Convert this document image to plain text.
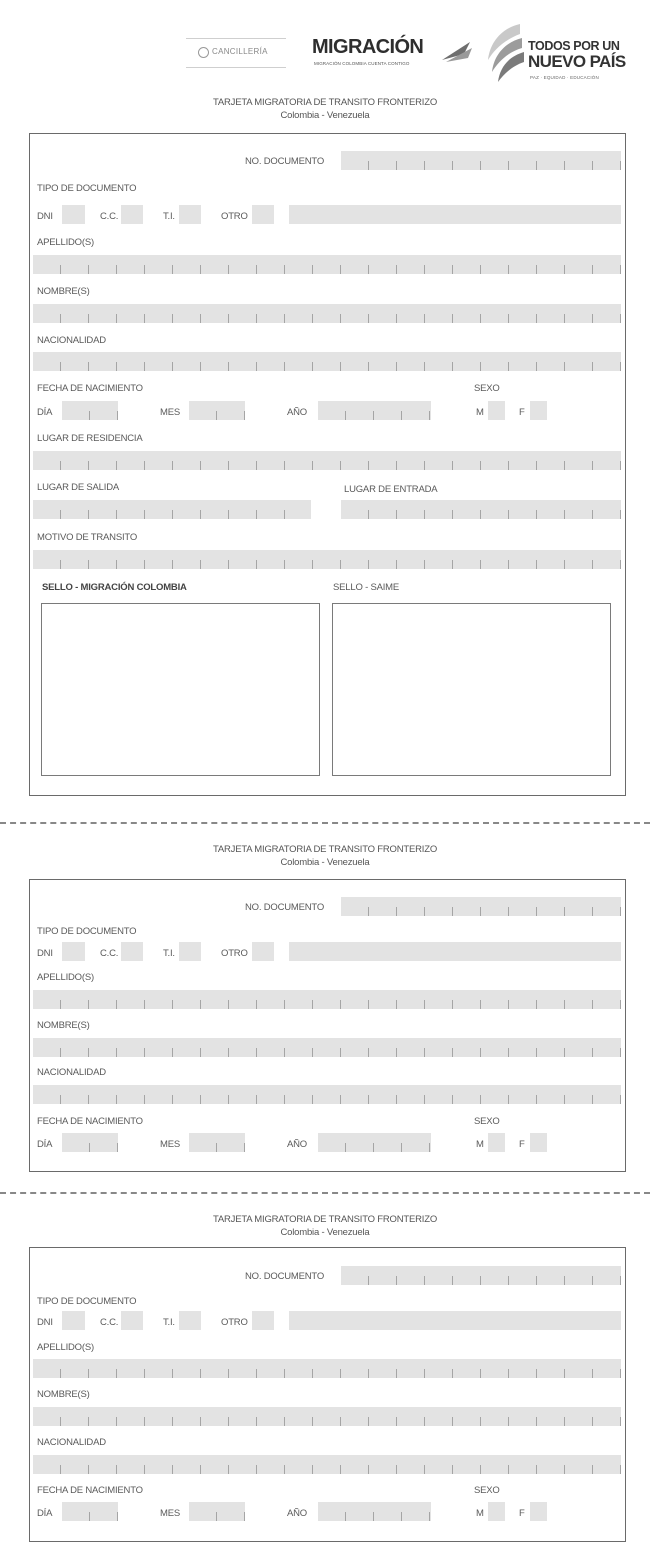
CANCILLERÍA MIGRACIÓN
MIGRACIÓN COLOMBIA CUENTA CONTIGO
TODOS POR UN
NUEVO PAÍS
PAZ · EQUIDAD · EDUCACIÓN
TARJETA MIGRATORIA DE TRANSITO FRONTERIZO
Colombia - Venezuela
NO. DOCUMENTO
TIPO DE DOCUMENTO
DNI	C.C.	T.I.	OTRO
APELLIDO(S)
NOMBRE(S)
NACIONALIDAD
FECHA DE NACIMIENTO	SEXO
DÍA	MES	AÑO	M	F
LUGAR DE RESIDENCIA
LUGAR DE SALIDA	LUGAR DE ENTRADA
MOTIVO DE TRANSITO
SELLO - MIGRACIÓN COLOMBIA	SELLO - SAIME
TARJETA MIGRATORIA DE TRANSITO FRONTERIZO
Colombia - Venezuela
NO. DOCUMENTO
TIPO DE DOCUMENTO
DNI	C.C.	T.I.	OTRO
APELLIDO(S)
NOMBRE(S)
NACIONALIDAD
FECHA DE NACIMIENTO	SEXO
DÍA	MES	AÑO	M	F
TARJETA MIGRATORIA DE TRANSITO FRONTERIZO
Colombia - Venezuela
NO. DOCUMENTO
TIPO DE DOCUMENTO
DNI	C.C.	T.I.	OTRO
APELLIDO(S)
NOMBRE(S)
NACIONALIDAD
FECHA DE NACIMIENTO	SEXO
DÍA	MES	AÑO	M	F
